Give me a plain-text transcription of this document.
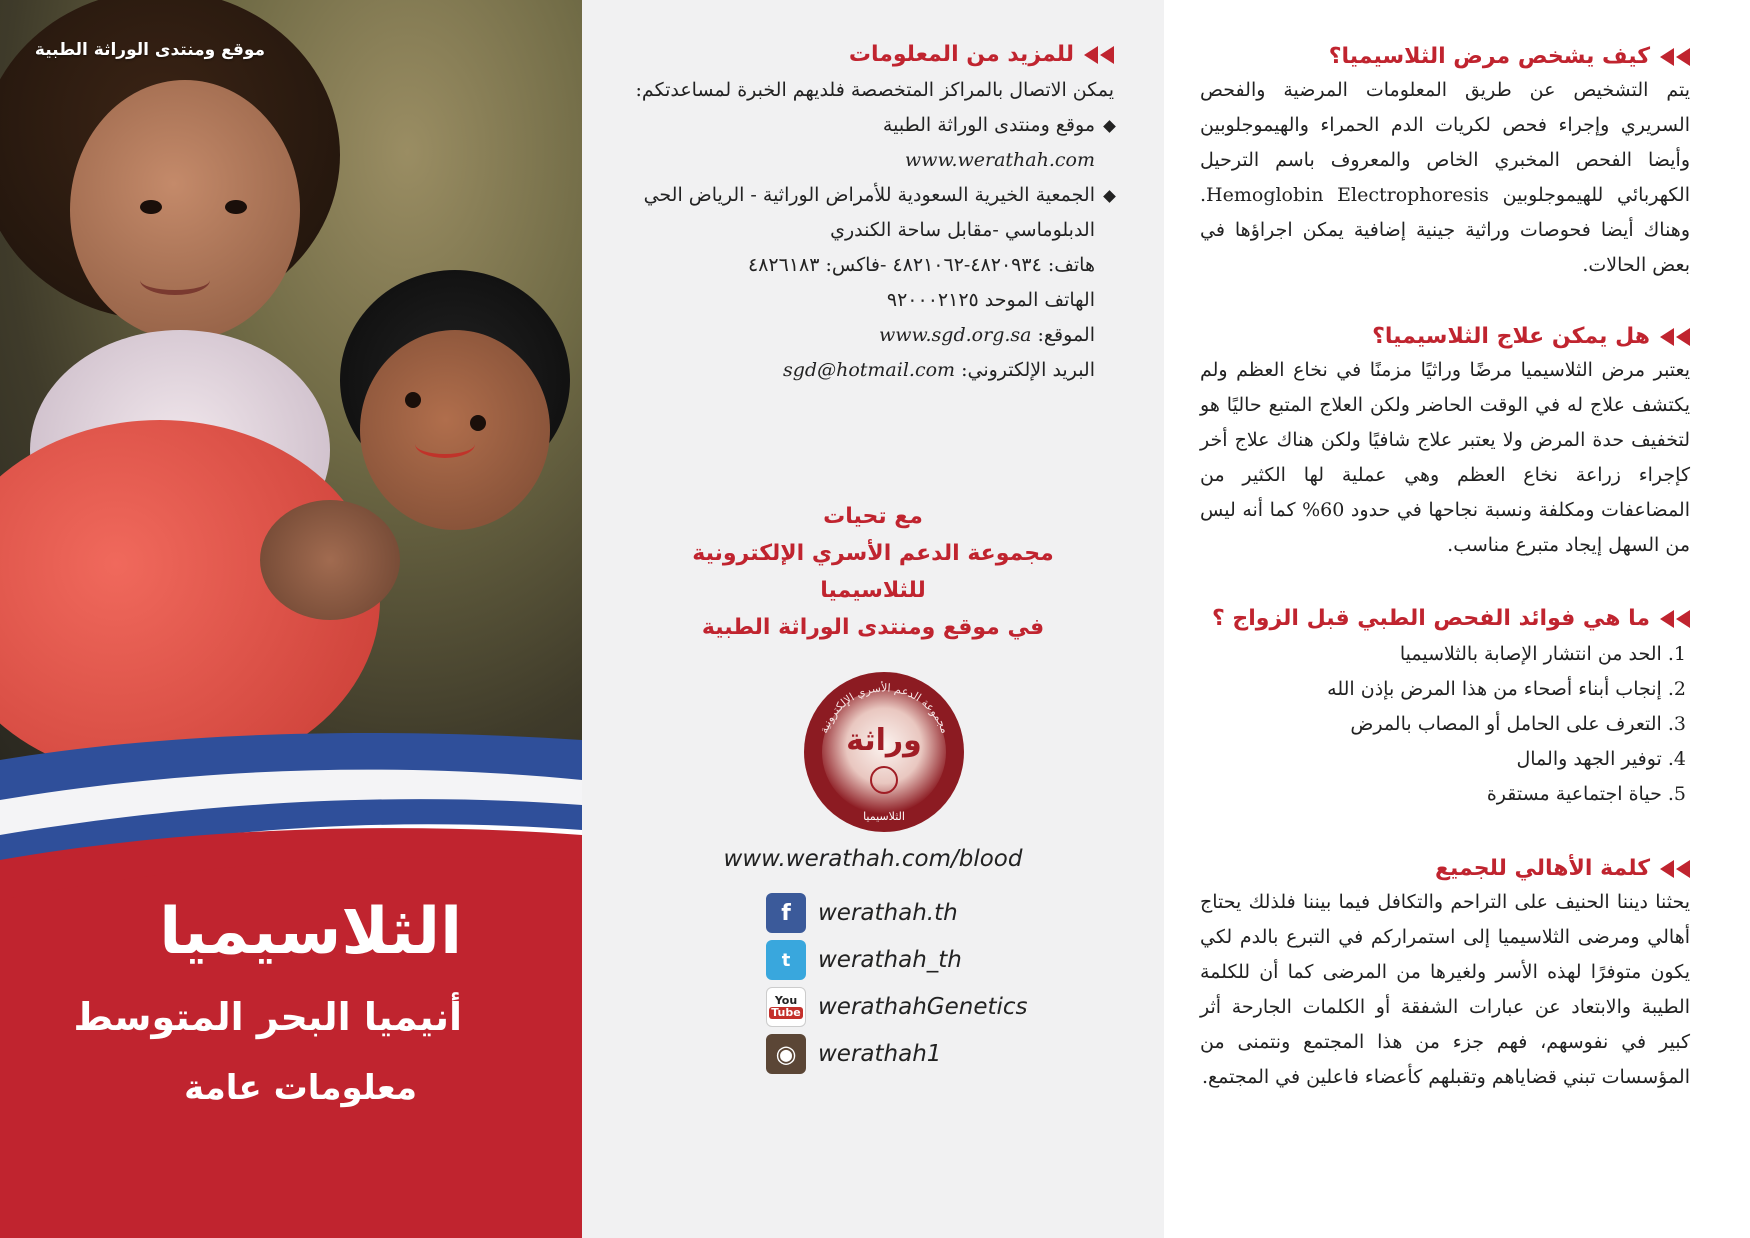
موقع ومنتدى الوراثة الطبية
الثلاسيميا
أنيميا البحر المتوسط
معلومات عامة
للمزيد من المعلومات

يمكن الاتصال بالمراكز المتخصصة فلديهم الخبرة لمساعدتكم:

موقع ومنتدى الوراثة الطبية
www.werathah.com
الجمعية الخيرية السعودية للأمراض الوراثية - الرياض الحي الدبلوماسي -مقابل ساحة الكندري
هاتف: ٤٨٢٠٩٣٤-٤٨٢١٠٦٢ -فاكس: ٤٨٢٦١٨٣
الهاتف الموحد ٩٢٠٠٠٢١٢٥
الموقع: www.sgd.org.sa
البريد الإلكتروني: sgd@hotmail.com
مع تحيات
مجموعة الدعم الأسري الإلكترونية
للثلاسيميا
في موقع ومنتدى الوراثة الطبية
مجموعة الدعم الأسري الإلكترونية
وراثة
الثلاسيميا
www.werathah.com/blood
f	werathah.th
t	werathah_th
You
Tube werathahGenetics
◉ werathah1
كيف يشخص مرض الثلاسيميا؟

يتم التشخيص عن طريق المعلومات المرضية والفحص السريري وإجراء فحص لكريات الدم الحمراء والهيموجلوبين وأيضا الفحص المخبري الخاص والمعروف باسم الترحيل الكهربائي للهيموجلوبين Hemoglobin Electrophoresis. وهناك أيضا فحوصات وراثية جينية إضافية يمكن اجراؤها في بعض الحالات.

هل يمكن علاج الثلاسيميا؟

يعتبر مرض الثلاسيميا مرضًا وراثيًا مزمنًا في نخاع العظم ولم يكتشف علاج له في الوقت الحاضر ولكن العلاج المتبع حاليًا هو لتخفيف حدة المرض ولا يعتبر علاج شافيًا ولكن هناك علاج أخر كإجراء زراعة نخاع العظم وهي عملية لها الكثير من المضاعفات ومكلفة ونسبة نجاحها في حدود 60% كما أنه ليس من السهل إيجاد متبرع مناسب.

ما هي فوائد الفحص الطبي قبل الزواج ؟
1. الحد من انتشار الإصابة بالثلاسيميا
2. إنجاب أبناء أصحاء من هذا المرض بإذن الله
3. التعرف على الحامل أو المصاب بالمرض
4. توفير الجهد والمال
5. حياة اجتماعية مستقرة
كلمة الأهالي للجميع

يحثنا ديننا الحنيف على التراحم والتكافل فيما بيننا فلذلك يحتاج أهالي ومرضى الثلاسيميا إلى استمراركم في التبرع بالدم لكي يكون متوفرًا لهذه الأسر ولغيرها من المرضى كما أن للكلمة الطيبة والابتعاد عن عبارات الشفقة أو الكلمات الجارحة أثر كبير في نفوسهم، فهم جزء من هذا المجتمع ونتمنى من المؤسسات تبني قضاياهم وتقبلهم كأعضاء فاعلين في المجتمع.
